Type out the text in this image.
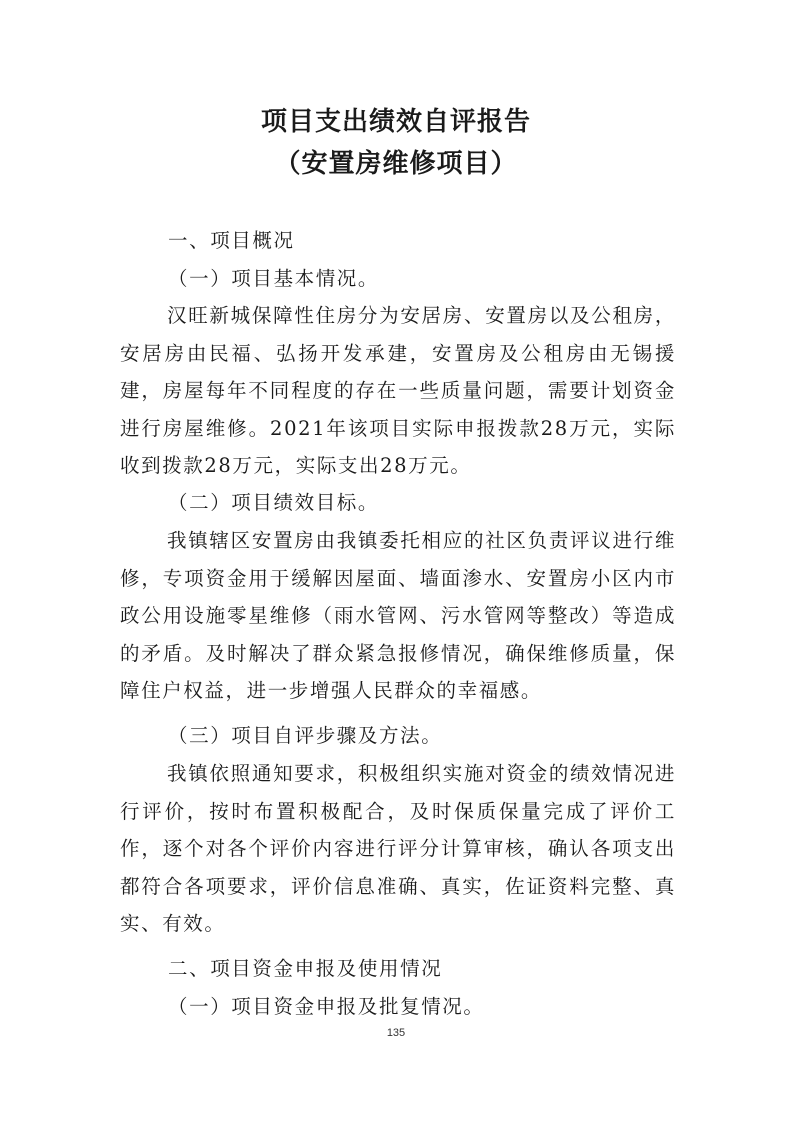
项目支出绩效自评报告
（安置房维修项目）

一、项目概况

（一）项目基本情况。

汉旺新城保障性住房分为安居房、安置房以及公租房，安居房由民福、弘扬开发承建，安置房及公租房由无锡援建，房屋每年不同程度的存在一些质量问题，需要计划资金进行房屋维修。2021年该项目实际申报拨款28万元，实际收到拨款28万元，实际支出28万元。

（二）项目绩效目标。

我镇辖区安置房由我镇委托相应的社区负责评议进行维修，专项资金用于缓解因屋面、墙面渗水、安置房小区内市政公用设施零星维修（雨水管网、污水管网等整改）等造成的矛盾。及时解决了群众紧急报修情况，确保维修质量，保障住户权益，进一步增强人民群众的幸福感。

（三）项目自评步骤及方法。

我镇依照通知要求，积极组织实施对资金的绩效情况进行评价，按时布置积极配合，及时保质保量完成了评价工作，逐个对各个评价内容进行评分计算审核，确认各项支出都符合各项要求，评价信息准确、真实，佐证资料完整、真实、有效。

二、项目资金申报及使用情况

（一）项目资金申报及批复情况。

135
